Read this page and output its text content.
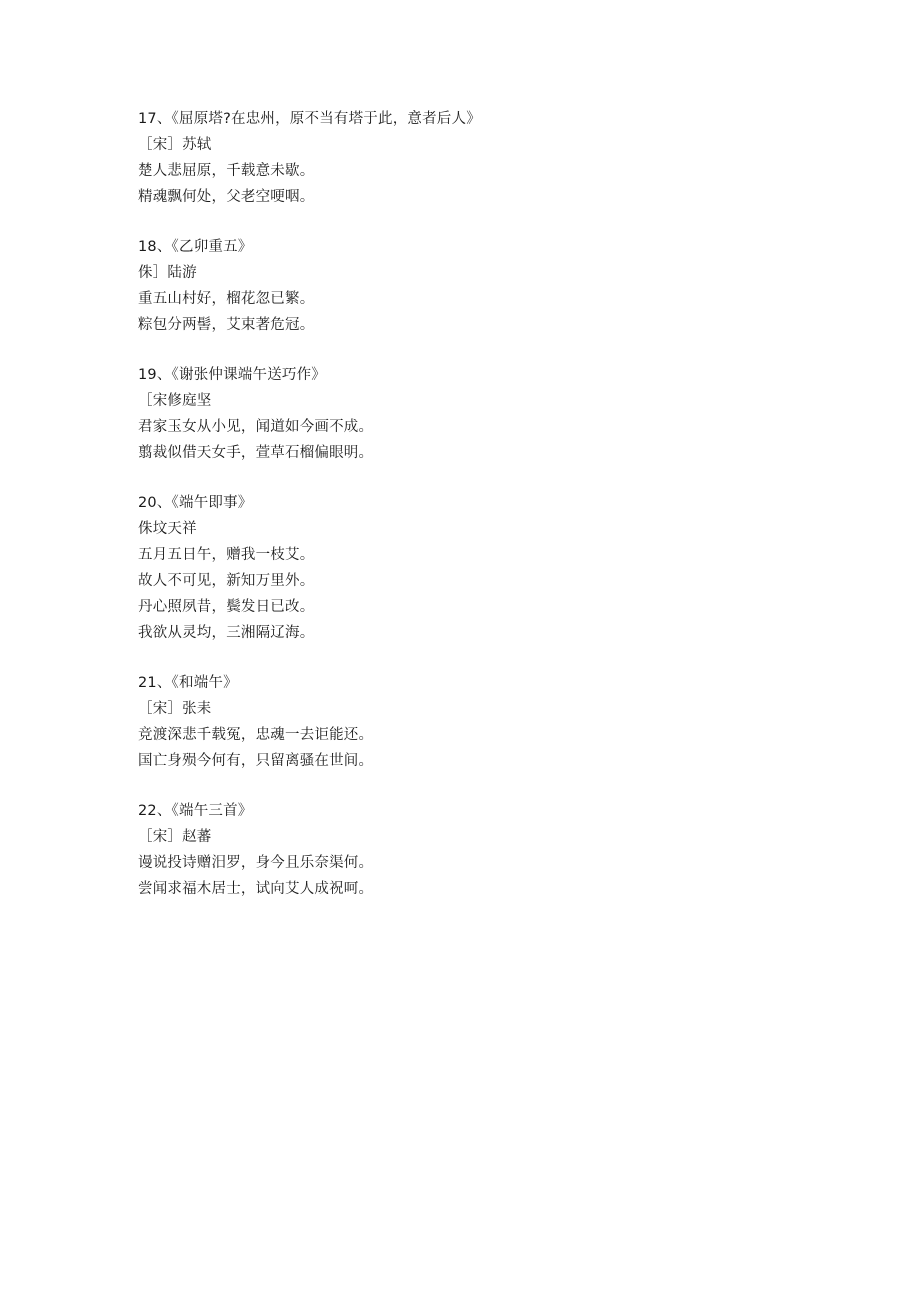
17、《屈原塔?在忠州，原不当有塔于此，意者后人》
［宋］苏轼
楚人悲屈原，千载意未歇。
精魂飘何处，父老空哽咽。
18、《乙卯重五》
侏］陆游
重五山村好，榴花忽已繁。
粽包分两髻，艾束著危冠。
19、《谢张仲课端午送巧作》
［宋修庭坚
君家玉女从小见，闻道如今画不成。
翦裁似借天女手，萱草石榴偏眼明。
20、《端午即事》
侏坟天祥
五月五日午，赠我一枝艾。
故人不可见，新知万里外。
丹心照夙昔，鬓发日已改。
我欲从灵均，三湘隔辽海。
21、《和端午》
［宋］张耒
竞渡深悲千载冤，忠魂一去讵能还。
国亡身殒今何有，只留离骚在世间。
22、《端午三首》
［宋］赵蕃
谩说投诗赠汨罗，身今且乐奈渠何。
尝闻求福木居士，试向艾人成祝呵。
